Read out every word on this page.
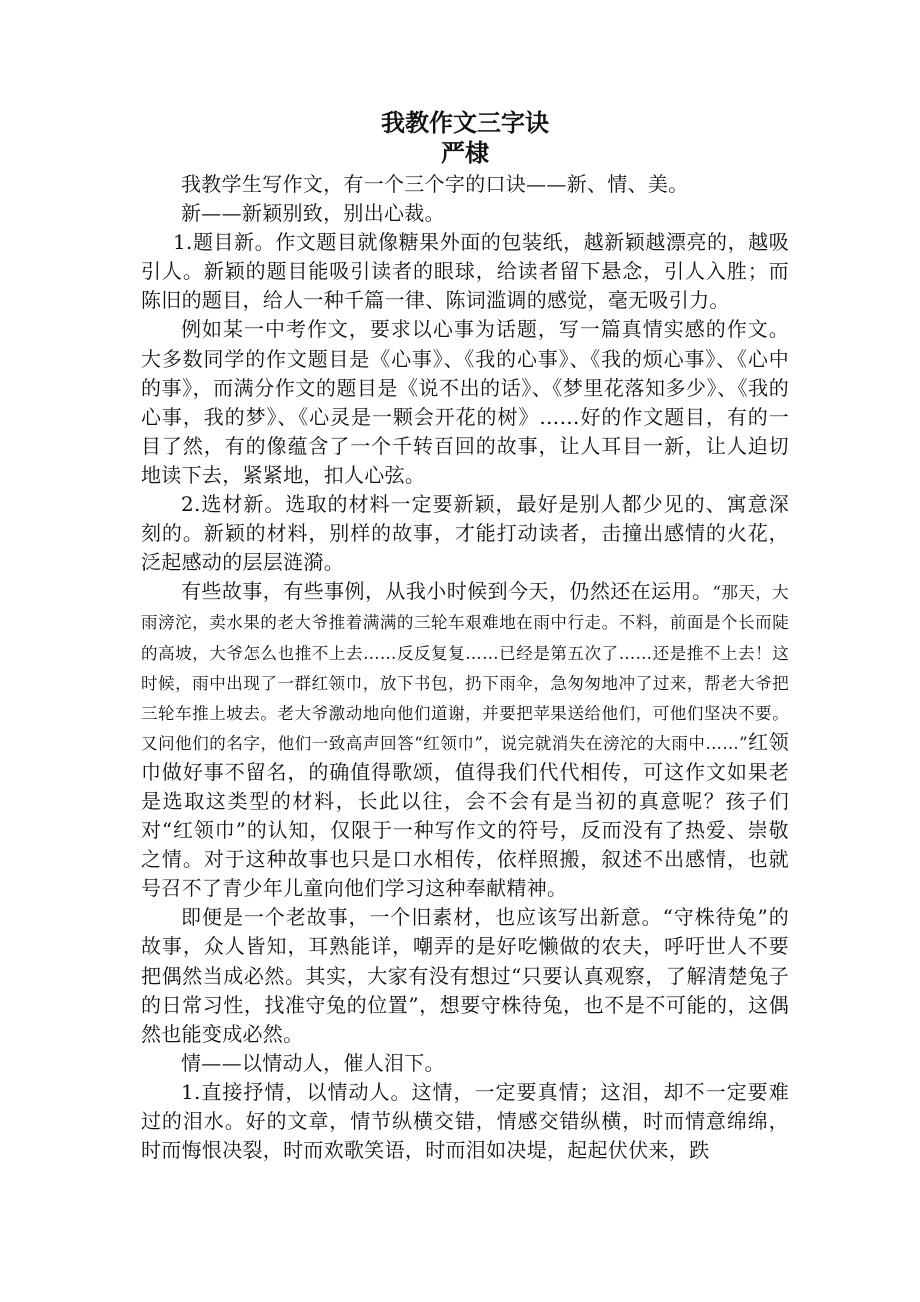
我教作文三字诀
严棣

我教学生写作文，有一个三个字的口诀——新、情、美。

新——新颖别致，别出心裁。

1.题目新。作文题目就像糖果外面的包装纸，越新颖越漂亮的，越吸引人。新颖的题目能吸引读者的眼球，给读者留下悬念，引人入胜；而陈旧的题目，给人一种千篇一律、陈词滥调的感觉，毫无吸引力。

例如某一中考作文，要求以心事为话题，写一篇真情实感的作文。大多数同学的作文题目是《心事》、《我的心事》、《我的烦心事》、《心中的事》，而满分作文的题目是《说不出的话》、《梦里花落知多少》、《我的心事，我的梦》、《心灵是一颗会开花的树》……好的作文题目，有的一目了然，有的像蕴含了一个千转百回的故事，让人耳目一新，让人迫切地读下去，紧紧地，扣人心弦。

2.选材新。选取的材料一定要新颖，最好是别人都少见的、寓意深刻的。新颖的材料，别样的故事，才能打动读者，击撞出感情的火花，泛起感动的层层涟漪。

有些故事，有些事例，从我小时候到今天，仍然还在运用。“那天，大雨滂沱，卖水果的老大爷推着满满的三轮车艰难地在雨中行走。不料，前面是个长而陡的高坡，大爷怎么也推不上去……反反复复……已经是第五次了……还是推不上去！这时候，雨中出现了一群红领巾，放下书包，扔下雨伞，急匆匆地冲了过来，帮老大爷把三轮车推上坡去。老大爷激动地向他们道谢，并要把苹果送给他们，可他们坚决不要。又问他们的名字，他们一致高声回答“红领巾”，说完就消失在滂沱的大雨中……”红领巾做好事不留名，的确值得歌颂，值得我们代代相传，可这作文如果老是选取这类型的材料，长此以往，会不会有是当初的真意呢？孩子们对“红领巾”的认知，仅限于一种写作文的符号，反而没有了热爱、崇敬之情。对于这种故事也只是口水相传，依样照搬，叙述不出感情，也就号召不了青少年儿童向他们学习这种奉献精神。

即便是一个老故事，一个旧素材，也应该写出新意。“守株待兔”的故事，众人皆知，耳熟能详，嘲弄的是好吃懒做的农夫，呼吁世人不要把偶然当成必然。其实，大家有没有想过“只要认真观察，了解清楚兔子的日常习性，找准守兔的位置”，想要守株待兔，也不是不可能的，这偶然也能变成必然。

情——以情动人，催人泪下。

1.直接抒情，以情动人。这情，一定要真情；这泪，却不一定要难过的泪水。好的文章，情节纵横交错，情感交错纵横，时而情意绵绵，时而悔恨决裂，时而欢歌笑语，时而泪如决堤，起起伏伏来，跌
